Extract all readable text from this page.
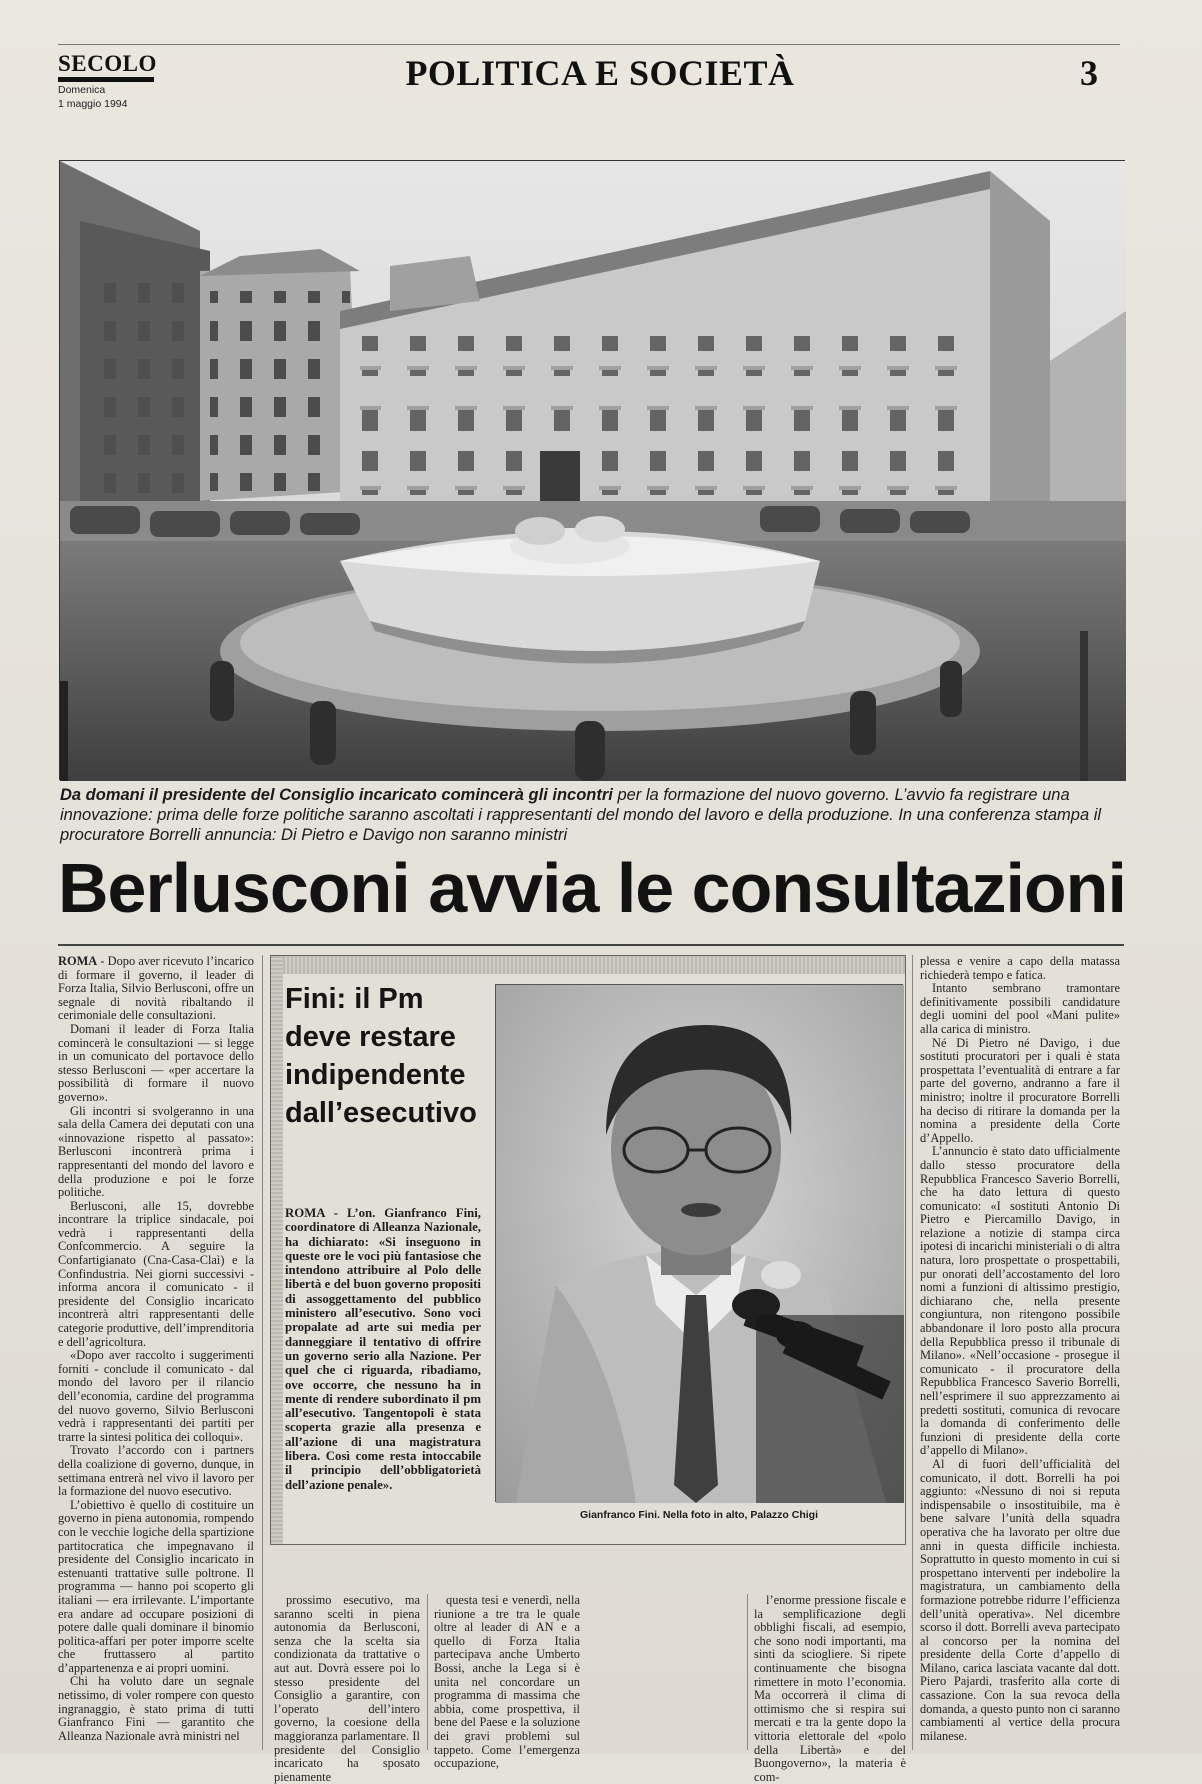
SECOLO
Domenica
1 maggio 1994
POLITICA E SOCIETÀ	3
Da domani il presidente del Consiglio incaricato comincerà gli incontri per la formazione del nuovo governo. L’avvio fa registrare una innovazione: prima delle forze politiche saranno ascoltati i rappresentanti del mondo del lavoro e della produzione. In una conferenza stampa il procuratore Borrelli annuncia: Di Pietro e Davigo non saranno ministri
Berlusconi avvia le consultazioni

ROMA - Dopo aver ricevuto l’incarico di formare il governo, il leader di Forza Italia, Silvio Berlusconi, offre un segnale di novità ribaltando il cerimoniale delle consultazioni.

Domani il leader di Forza Italia comincerà le consultazioni — si legge in un comunicato del portavoce dello stesso Berlusconi — «per accertare la possibilità di formare il nuovo governo».

Gli incontri si svolgeranno in una sala della Camera dei deputati con una «innovazione rispetto al passato»: Berlusconi incontrerà prima i rappresentanti del mondo del lavoro e della produzione e poi le forze politiche.

Berlusconi, alle 15, dovrebbe incontrare la triplice sindacale, poi vedrà i rappresentanti della Confcommercio. A seguire la Confartigianato (Cna-Casa-Claì) e la Confindustria. Nei giorni successivi - informa ancora il comunicato - il presidente del Consiglio incaricato incontrerà altri rappresentanti delle categorie produttive, dell’imprenditoria e dell’agricoltura.

«Dopo aver raccolto i suggerimenti forniti - conclude il comunicato - dal mondo del lavoro per il rilancio dell’economia, cardine del programma del nuovo governo, Silvio Berlusconi vedrà i rappresentanti dei partiti per trarre la sintesi politica dei colloqui».

Trovato l’accordo con i partners della coalizione di governo, dunque, in settimana entrerà nel vivo il lavoro per la formazione del nuovo esecutivo.

L’obiettivo è quello di costituire un governo in piena autonomia, rompendo con le vecchie logiche della spartizione partitocratica che impegnavano il presidente del Consiglio incaricato in estenuanti trattative sulle poltrone. Il programma — hanno poi scoperto gli italiani — era irrilevante. L’importante era andare ad occupare posizioni di potere dalle quali dominare il binomio politica-affari per poter imporre scelte che fruttassero al partito d’appartenenza e ai propri uomini.

Chi ha voluto dare un segnale netissimo, di voler rompere con questo ingranaggio, è stato prima di tutti Gianfranco Fini — garantito che Alleanza Nazionale avrà ministri nel

Fini: il Pm deve restare indipendente dall’esecutivo
ROMA - L’on. Gianfranco Fini, coordinatore di Alleanza Nazionale, ha dichiarato: «Si inseguono in queste ore le voci più fantasiose che intendono attribuire al Polo delle libertà e del buon governo propositi di assoggettamento del pubblico ministero all’esecutivo. Sono voci propalate ad arte sui media per danneggiare il tentativo di offrire un governo serio alla Nazione. Per quel che ci riguarda, ribadiamo, ove occorre, che nessuno ha in mente di rendere subordinato il pm all’esecutivo. Tangentopoli è stata scoperta grazie alla presenza e all’azione di una magistratura libera. Così come resta intoccabile il principio dell’obbligatorietà dell’azione penale».
Gianfranco Fini. Nella foto in alto, Palazzo Chigi

prossimo esecutivo, ma saranno scelti in piena autonomia da Berlusconi, senza che la scelta sia condizionata da trattative o aut aut. Dovrà essere poi lo stesso presidente del Consiglio a garantire, con l’operato dell’intero governo, la coesione della maggioranza parlamentare. Il presidente del Consiglio incaricato ha sposato pienamente

questa tesi e venerdì, nella riunione a tre tra le quale oltre al leader di AN e a quello di Forza Italia partecipava anche Umberto Bossi, anche la Lega si è unita nel concordare un programma di massima che abbia, come prospettiva, il bene del Paese e la soluzione dei gravi problemi sul tappeto. Come l’emergenza occupazione,

l’enorme pressione fiscale e la semplificazione degli obblighi fiscali, ad esempio, che sono nodi importanti, ma sinti da sciogliere. Si ripete continuamente che bisogna rimettere in moto l’economia. Ma occorrerà il clima di ottimismo che si respira sui mercati e tra la gente dopo la vittoria elettorale del «polo della Libertà» e del Buongoverno», la materia è com-

plessa e venire a capo della matassa richiederà tempo e fatica.

Intanto sembrano tramontare definitivamente possibili candidature degli uomini del pool «Mani pulite» alla carica di ministro.

Né Di Pietro né Davigo, i due sostituti procuratori per i quali è stata prospettata l’eventualità di entrare a far parte del governo, andranno a fare il ministro; inoltre il procuratore Borrelli ha deciso di ritirare la domanda per la nomina a presidente della Corte d’Appello.

L’annuncio è stato dato ufficialmente dallo stesso procuratore della Repubblica Francesco Saverio Borrelli, che ha dato lettura di questo comunicato: «I sostituti Antonio Di Pietro e Piercamillo Davigo, in relazione a notizie di stampa circa ipotesi di incarichi ministeriali o di altra natura, loro prospettate o prospettabili, pur onorati dell’accostamento del loro nomi a funzioni di altissimo prestigio, dichiarano che, nella presente congiuntura, non ritengono possibile abbandonare il loro posto alla procura della Repubblica presso il tribunale di Milano». «Nell’occasione - prosegue il comunicato - il procuratore della Repubblica Francesco Saverio Borrelli, nell’esprimere il suo apprezzamento ai predetti sostituti, comunica di revocare la domanda di conferimento delle funzioni di presidente della corte d’appello di Milano».

Al di fuori dell’ufficialità del comunicato, il dott. Borrelli ha poi aggiunto: «Nessuno di noi si reputa indispensabile o insostituibile, ma è bene salvare l’unità della squadra operativa che ha lavorato per oltre due anni in questa difficile inchiesta. Soprattutto in questo momento in cui si prospettano interventi per indebolire la magistratura, un cambiamento della formazione potrebbe ridurre l’efficienza dell’unità operativa». Nel dicembre scorso il dott. Borrelli aveva partecipato al concorso per la nomina del presidente della Corte d’appello di Milano, carica lasciata vacante dal dott. Piero Pajardi, trasferito alla corte di cassazione. Con la sua revoca della domanda, a questo punto non ci saranno cambiamenti al vertice della procura milanese.
